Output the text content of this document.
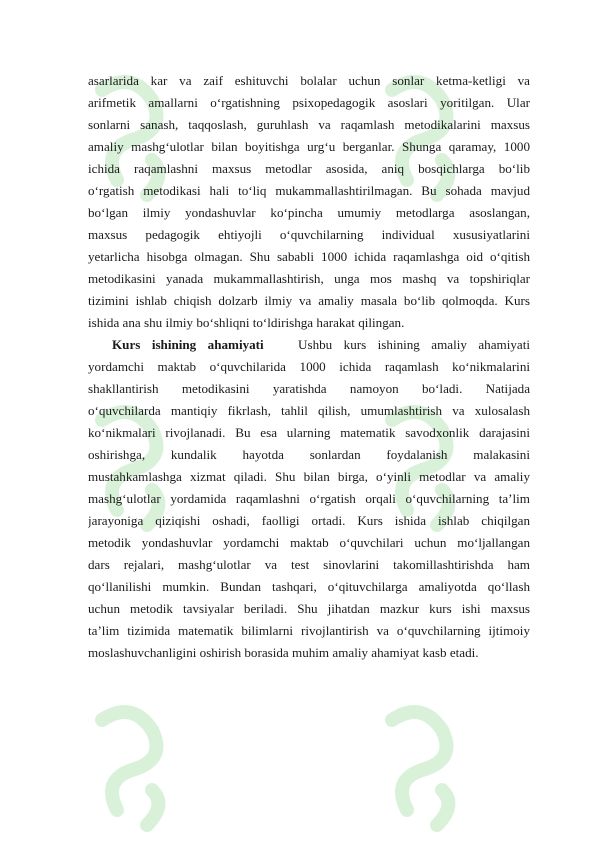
asarlarida kar va zaif eshituvchi bolalar uchun sonlar ketma-ketligi va
arifmetik amallarni o‘rgatishning psixopedagogik asoslari yoritilgan. Ular
sonlarni sanash, taqqoslash, guruhlash va raqamlash metodikalarini maxsus
amaliy mashg‘ulotlar bilan boyitishga urg‘u berganlar. Shunga qaramay, 1000
ichida raqamlashni maxsus metodlar asosida, aniq bosqichlarga bo‘lib
o‘rgatish metodikasi hali to‘liq mukammallashtirilmagan. Bu sohada mavjud
bo‘lgan ilmiy yondashuvlar ko‘pincha umumiy metodlarga asoslangan,
maxsus pedagogik ehtiyojli o‘quvchilarning individual xususiyatlarini
yetarlicha hisobga olmagan. Shu sababli 1000 ichida raqamlashga oid o‘qitish
metodikasini yanada mukammallashtirish, unga mos mashq va topshiriqlar
tizimini ishlab chiqish dolzarb ilmiy va amaliy masala bo‘lib qolmoqda. Kurs
ishida ana shu ilmiy bo‘shliqni to‘ldirishga harakat qilingan.
Kurs ishining ahamiyati	Ushbu kurs ishining amaliy ahamiyati
yordamchi maktab o‘quvchilarida 1000 ichida raqamlash ko‘nikmalarini
shakllantirish metodikasini yaratishda namoyon bo‘ladi. Natijada
o‘quvchilarda mantiqiy fikrlash, tahlil qilish, umumlashtirish va xulosalash
ko‘nikmalari rivojlanadi. Bu esa ularning matematik savodxonlik darajasini
oshirishga, kundalik hayotda sonlardan foydalanish malakasini
mustahkamlashga xizmat qiladi. Shu bilan birga, o‘yinli metodlar va amaliy
mashg‘ulotlar yordamida raqamlashni o‘rgatish orqali o‘quvchilarning ta’lim
jarayoniga qiziqishi oshadi, faolligi ortadi. Kurs ishida ishlab chiqilgan
metodik yondashuvlar yordamchi maktab o‘quvchilari uchun mo‘ljallangan
dars rejalari, mashg‘ulotlar va test sinovlarini takomillashtirishda ham
qo‘llanilishi mumkin. Bundan tashqari, o‘qituvchilarga amaliyotda qo‘llash
uchun metodik tavsiyalar beriladi. Shu jihatdan mazkur kurs ishi maxsus
ta’lim tizimida matematik bilimlarni rivojlantirish va o‘quvchilarning ijtimoiy
moslashuvchanligini oshirish borasida muhim amaliy ahamiyat kasb etadi.
